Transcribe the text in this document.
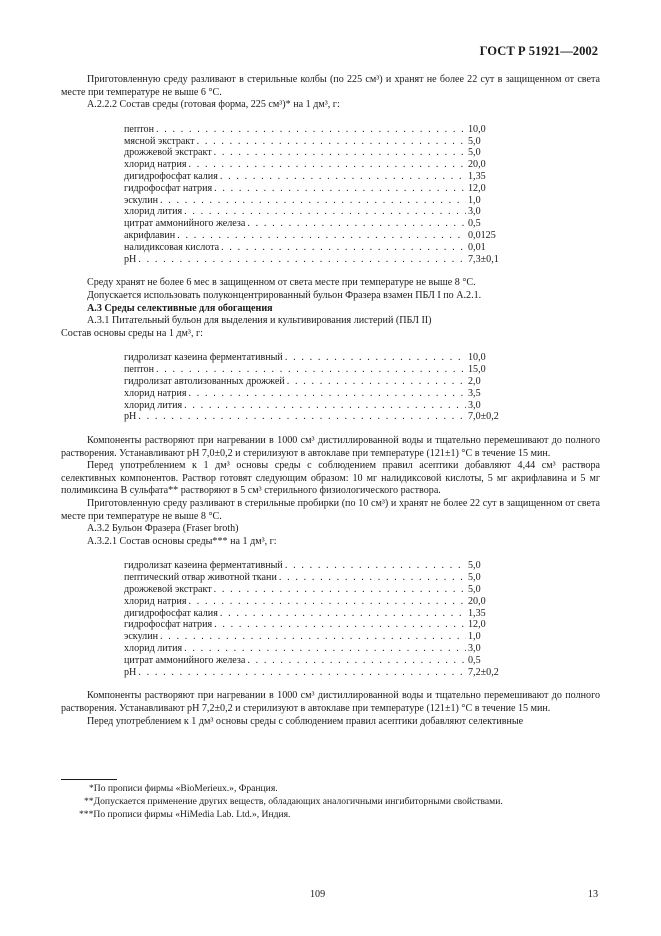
ГОСТ Р 51921—2002

Приготовленную среду разливают в стерильные колбы (по 225 см³) и хранят не более 22 сут в защищенном от света месте при температуре не выше 6 °С.

А.2.2.2 Состав среды (готовая форма, 225 см³)* на 1 дм³, г:

пептон . . .	10,0
мясной экстракт . . .	5,0
дрожжевой экстракт . . .	5,0
хлорид натрия . . .	20,0
дигидрофосфат калия . . .	1,35
гидрофосфат натрия . . .	12,0
эскулин . . .	1,0
хлорид лития . . .	3,0
цитрат аммонийного железа . . .	0,5
акрифлавин . . .	0,0125
налидиксовая кислота . . .	0,01
рН . . .	7,3±0,1

Среду хранят не более 6 мес в защищенном от света месте при температуре не выше 8 °С.

Допускается использовать полуконцентрированный бульон Фразера взамен ПБЛ I по А.2.1.

А.3 Среды селективные для обогащения

А.3.1 Питательный бульон для выделения и культивирования листерий (ПБЛ II)

Состав основы среды на 1 дм³, г:

гидролизат казеина ферментативный . . .	10,0
пептон . . .	15,0
гидролизат автолизованных дрожжей . . .	2,0
хлорид натрия . . .	3,5
хлорид лития . . .	3,0
рН . . .	7,0±0,2

Компоненты растворяют при нагревании в 1000 см³ дистиллированной воды и тщательно перемешивают до полного растворения. Устанавливают рН 7,0±0,2 и стерилизуют в автоклаве при температуре (121±1) °С в течение 15 мин.

Перед употреблением к 1 дм³ основы среды с соблюдением правил асептики добавляют 4,44 см³ раствора селективных компонентов. Раствор готовят следующим образом: 10 мг налидиксовой кислоты, 5 мг акрифлавина и 5 мг полимиксина В сульфата** растворяют в 5 см³ стерильного физиологического раствора.

Приготовленную среду разливают в стерильные пробирки (по 10 см³) и хранят не более 22 сут в защищенном от света месте при температуре не выше 8 °С.

А.3.2 Бульон Фразера (Fraser broth)

А.3.2.1 Состав основы среды*** на 1 дм³, г:

гидролизат казеина ферментативный . . .	5,0
пептический отвар животной ткани . . .	5,0
дрожжевой экстракт . . .	5,0
хлорид натрия . . .	20,0
дигидрофосфат калия . . .	1,35
гидрофосфат натрия . . .	12,0
эскулин . . .	1,0
хлорид лития . . .	3,0
цитрат аммонийного железа . . .	0,5
рН . . .	7,2±0,2

Компоненты растворяют при нагревании в 1000 см³ дистиллированной воды и тщательно перемешивают до полного растворения. Устанавливают рН 7,2±0,2 и стерилизуют в автоклаве при температуре (121±1) °С в течение 15 мин.

Перед употреблением к 1 дм³ основы среды с соблюдением правил асептики добавляют селективные

*По прописи фирмы «BioMerieux.», Франция.
**Допускается применение других веществ, обладающих аналогичными ингибиторными свойствами.
***По прописи фирмы «HiMedia Lab. Ltd.», Индия.
109	13
